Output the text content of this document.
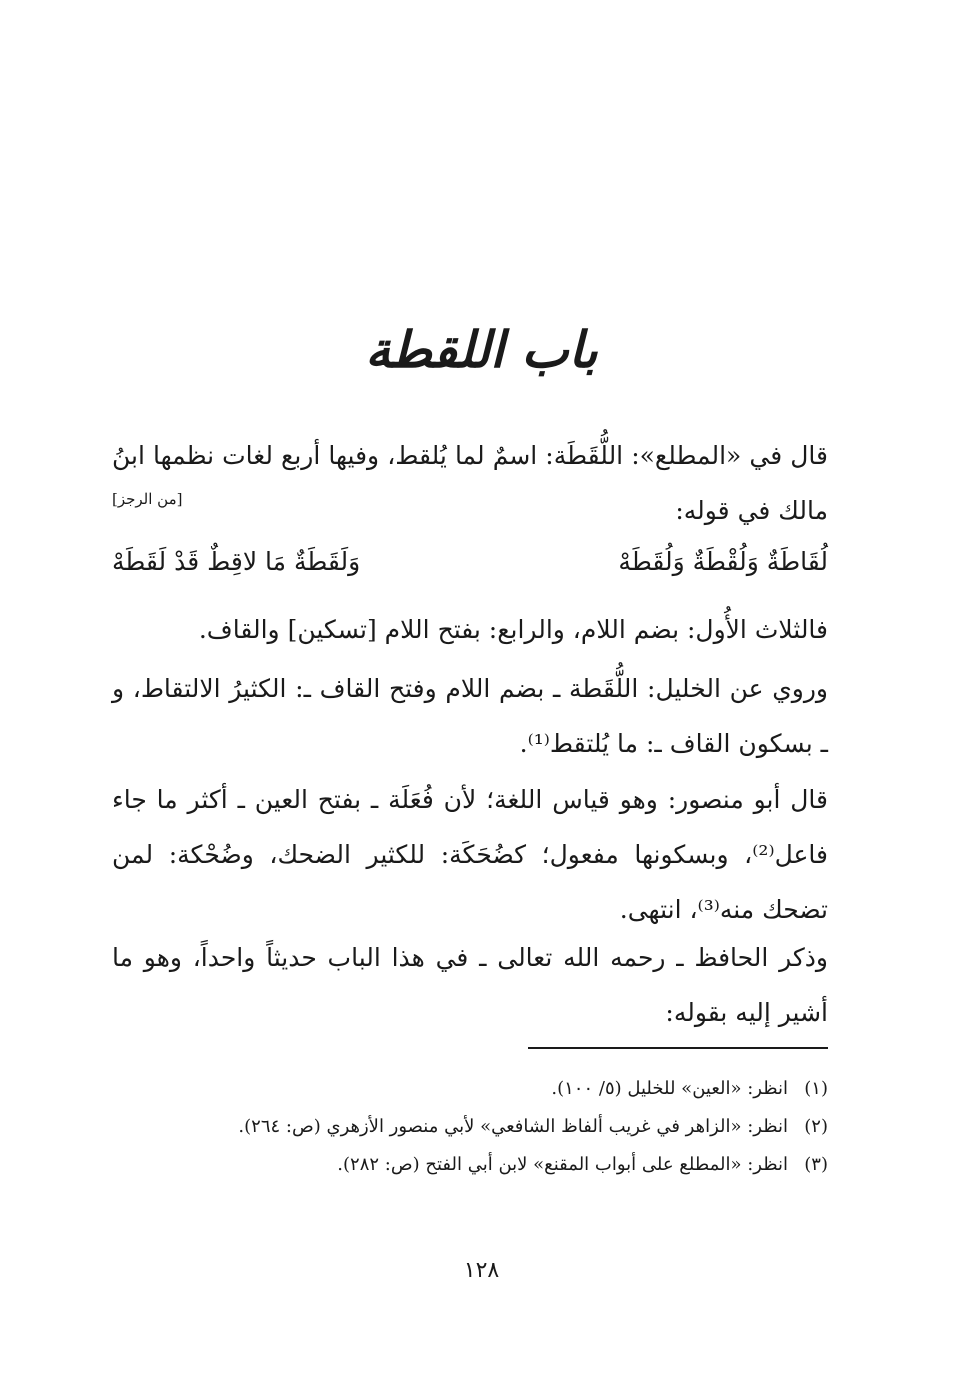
باب اللقطة
قال في «المطلع»: اللُّقَطَة: اسمٌ لما يُلقط، وفيها أربع لغات نظمها ابنُ مالك في قوله:
[من الرجز]
لُقَاطَةٌ وَلُقْطَةٌ وَلُقَطَهْ
وَلَقَطَةٌ مَا لاقِطٌ قَدْ لَقَطَهْ
فالثلاث الأُول: بضم اللام، والرابع: بفتح اللام [تسكين] والقاف.
وروي عن الخليل: اللُّقَطة ـ بضم اللام وفتح القاف ـ: الكثيرُ الالتقاط، و ـ بسكون القاف ـ: ما يُلتقط⁽¹⁾.
قال أبو منصور: وهو قياس اللغة؛ لأن فُعَلَة ـ بفتح العين ـ أكثر ما جاء فاعل⁽²⁾، وبسكونها مفعول؛ كضُحَكَة: للكثير الضحك، وضُحْكة: لمن تضحك منه⁽³⁾، انتهى.
وذكر الحافظ ـ رحمه الله تعالى ـ في هذا الباب حديثاً واحداً، وهو ما أشير إليه بقوله:
(١)
انظر: «العين» للخليل (٥/ ١٠٠).
(٢)
انظر: «الزاهر في غريب ألفاظ الشافعي» لأبي منصور الأزهري (ص: ٢٦٤).
(٣)
انظر: «المطلع على أبواب المقنع» لابن أبي الفتح (ص: ٢٨٢).
١٢٨
